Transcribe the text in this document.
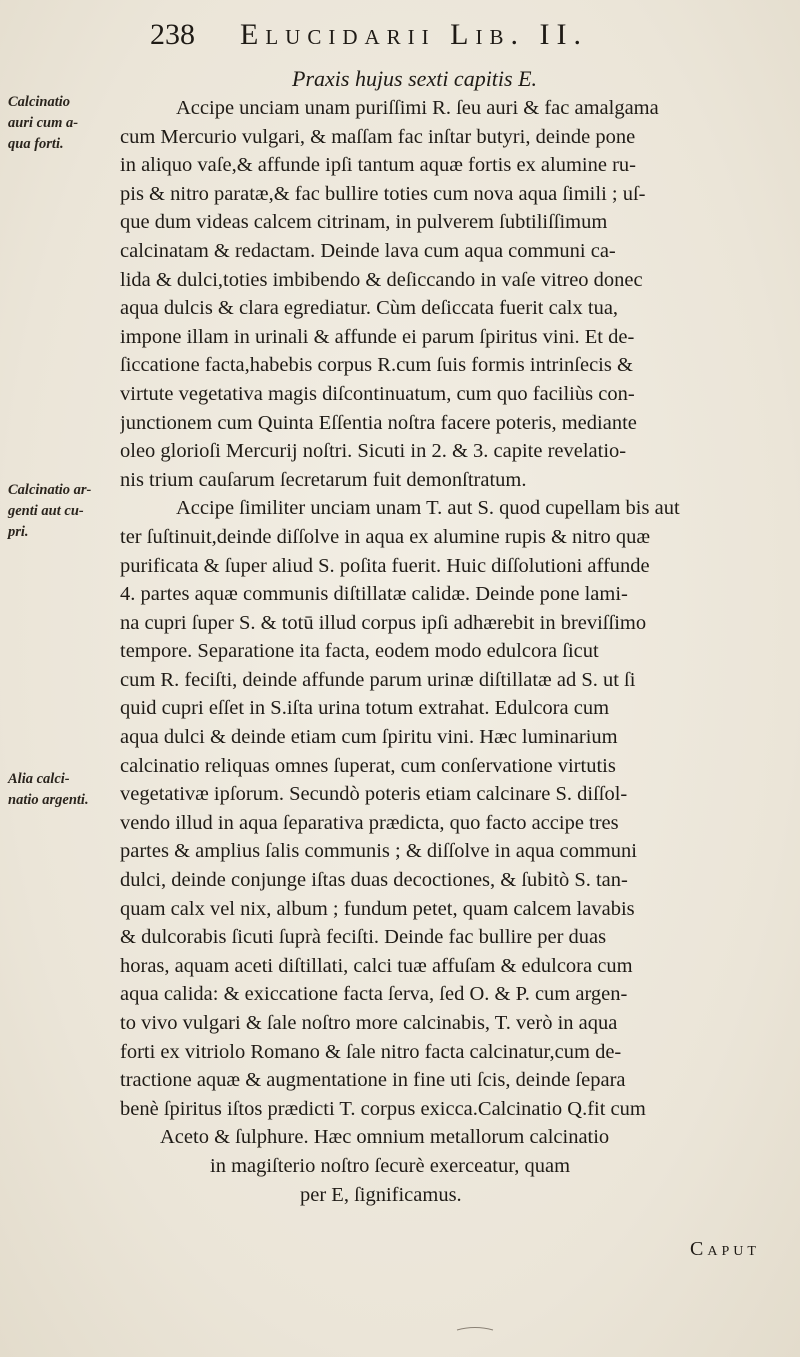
238	Elucidarii Lib. II.
Praxis hujus sexti capitis E.
Calcinatio
auri cum a-
qua forti.
Calcinatio ar-
genti aut cu-
pri.
Alia calci-
natio argenti.
Accipe unciam unam puriſſimi R. ſeu auri & fac amalgama
cum Mercurio vulgari, & maſſam fac inſtar butyri, deinde pone
in aliquo vaſe,& affunde ipſi tantum aquæ fortis ex alumine ru-
pis & nitro paratæ,& fac bullire toties cum nova aqua ſimili ; uſ-
que dum videas calcem citrinam, in pulverem ſubtiliſſimum
calcinatam & redactam. Deinde lava cum aqua communi ca-
lida & dulci,toties imbibendo & deſiccando in vaſe vitreo donec
aqua dulcis & clara egrediatur. Cùm deſiccata fuerit calx tua,
impone illam in urinali & affunde ei parum ſpiritus vini. Et de-
ſiccatione facta,habebis corpus R.cum ſuis formis intrinſecis &
virtute vegetativa magis diſcontinuatum, cum quo faciliùs con-
junctionem cum Quinta Eſſentia noſtra facere poteris, mediante
oleo glorioſi Mercurij noſtri. Sicuti in 2. & 3. capite revelatio-
nis trium cauſarum ſecretarum fuit demonſtratum.
Accipe ſimiliter unciam unam T. aut S. quod cupellam bis aut
ter ſuſtinuit,deinde diſſolve in aqua ex alumine rupis & nitro quæ
purificata & ſuper aliud S. poſita fuerit. Huic diſſolutioni affunde
4. partes aquæ communis diſtillatæ calidæ. Deinde pone lami-
na cupri ſuper S. & totū illud corpus ipſi adhærebit in breviſſimo
tempore. Separatione ita facta, eodem modo edulcora ſicut
cum R. feciſti, deinde affunde parum urinæ diſtillatæ ad S. ut ſi
quid cupri eſſet in S.iſta urina totum extrahat. Edulcora cum
aqua dulci & deinde etiam cum ſpiritu vini. Hæc luminarium
calcinatio reliquas omnes ſuperat, cum conſervatione virtutis
vegetativæ ipſorum. Secundò poteris etiam calcinare S. diſſol-
vendo illud in aqua ſeparativa prædicta, quo facto accipe tres
partes & amplius ſalis communis ; & diſſolve in aqua communi
dulci, deinde conjunge iſtas duas decoctiones, & ſubitò S. tan-
quam calx vel nix, album ; fundum petet, quam calcem lavabis
& dulcorabis ſicuti ſuprà feciſti. Deinde fac bullire per duas
horas, aquam aceti diſtillati, calci tuæ affuſam & edulcora cum
aqua calida: & exiccatione facta ſerva, ſed O. & P. cum argen-
to vivo vulgari & ſale noſtro more calcinabis, T. verò in aqua
forti ex vitriolo Romano & ſale nitro facta calcinatur,cum de-
tractione aquæ & augmentatione in fine uti ſcis, deinde ſepara
benè ſpiritus iſtos prædicti T. corpus exicca.Calcinatio Q.fit cum
Aceto & ſulphure. Hæc omnium metallorum calcinatio
in magiſterio noſtro ſecurè exerceatur, quam
per E, ſignificamus.
Caput
